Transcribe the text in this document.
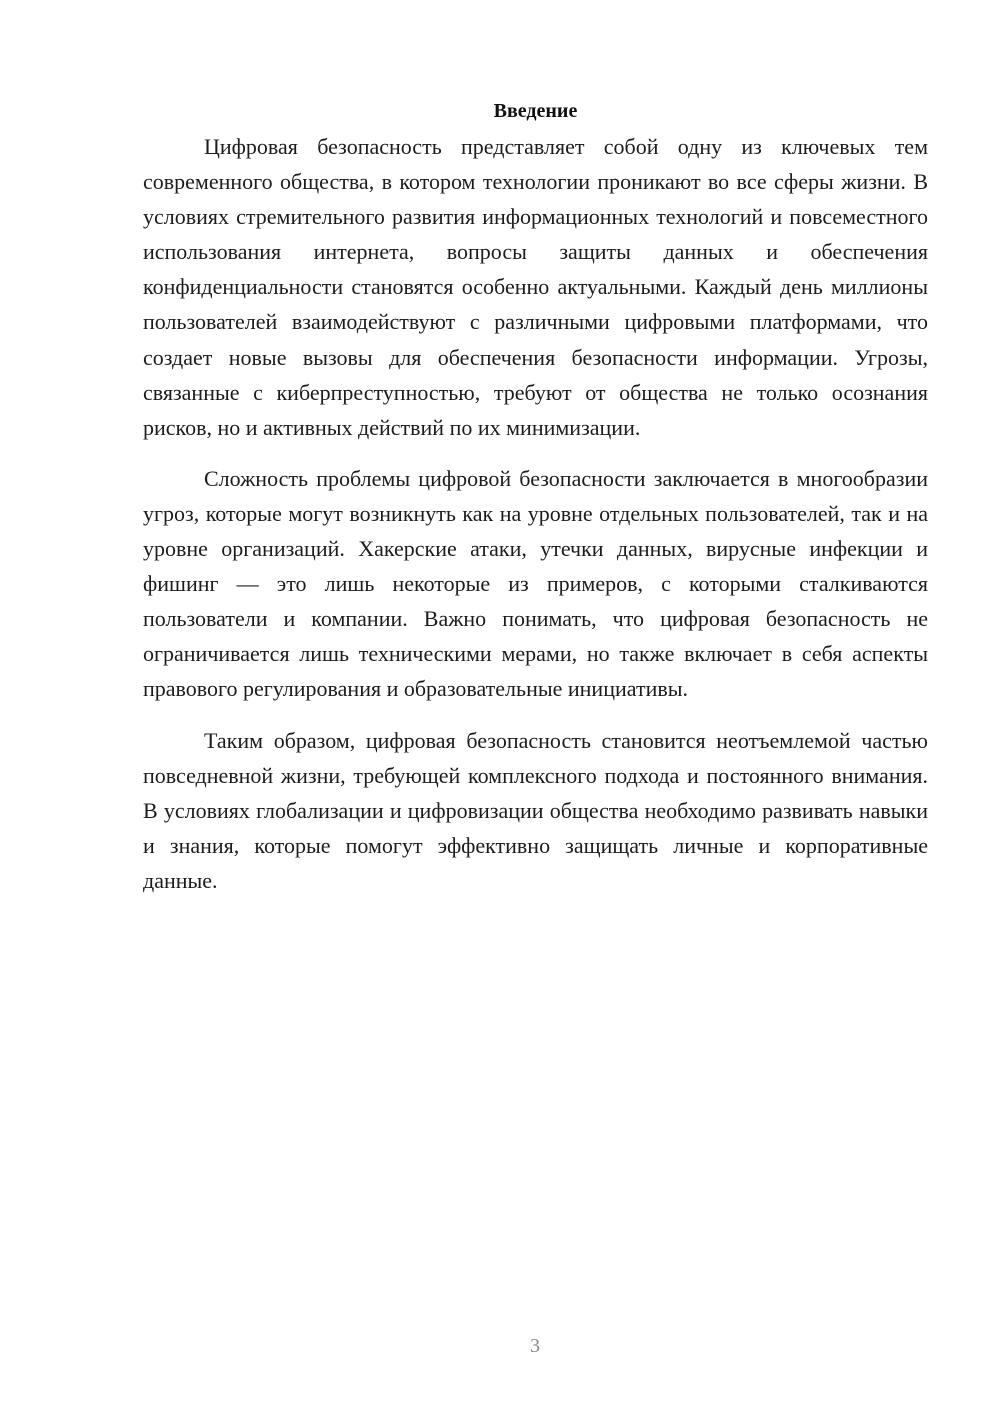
Введение

Цифровая безопасность представляет собой одну из ключевых тем современного общества, в котором технологии проникают во все сферы жизни. В условиях стремительного развития информационных технологий и повсеместного использования интернета, вопросы защиты данных и обеспечения конфиденциальности становятся особенно актуальными. Каждый день миллионы пользователей взаимодействуют с различными цифровыми платформами, что создает новые вызовы для обеспечения безопасности информации. Угрозы, связанные с киберпреступностью, требуют от общества не только осознания рисков, но и активных действий по их минимизации.

Сложность проблемы цифровой безопасности заключается в многообразии угроз, которые могут возникнуть как на уровне отдельных пользователей, так и на уровне организаций. Хакерские атаки, утечки данных, вирусные инфекции и фишинг — это лишь некоторые из примеров, с которыми сталкиваются пользователи и компании. Важно понимать, что цифровая безопасность не ограничивается лишь техническими мерами, но также включает в себя аспекты правового регулирования и образовательные инициативы.

Таким образом, цифровая безопасность становится неотъемлемой частью повседневной жизни, требующей комплексного подхода и постоянного внимания. В условиях глобализации и цифровизации общества необходимо развивать навыки и знания, которые помогут эффективно защищать личные и корпоративные данные.

3
